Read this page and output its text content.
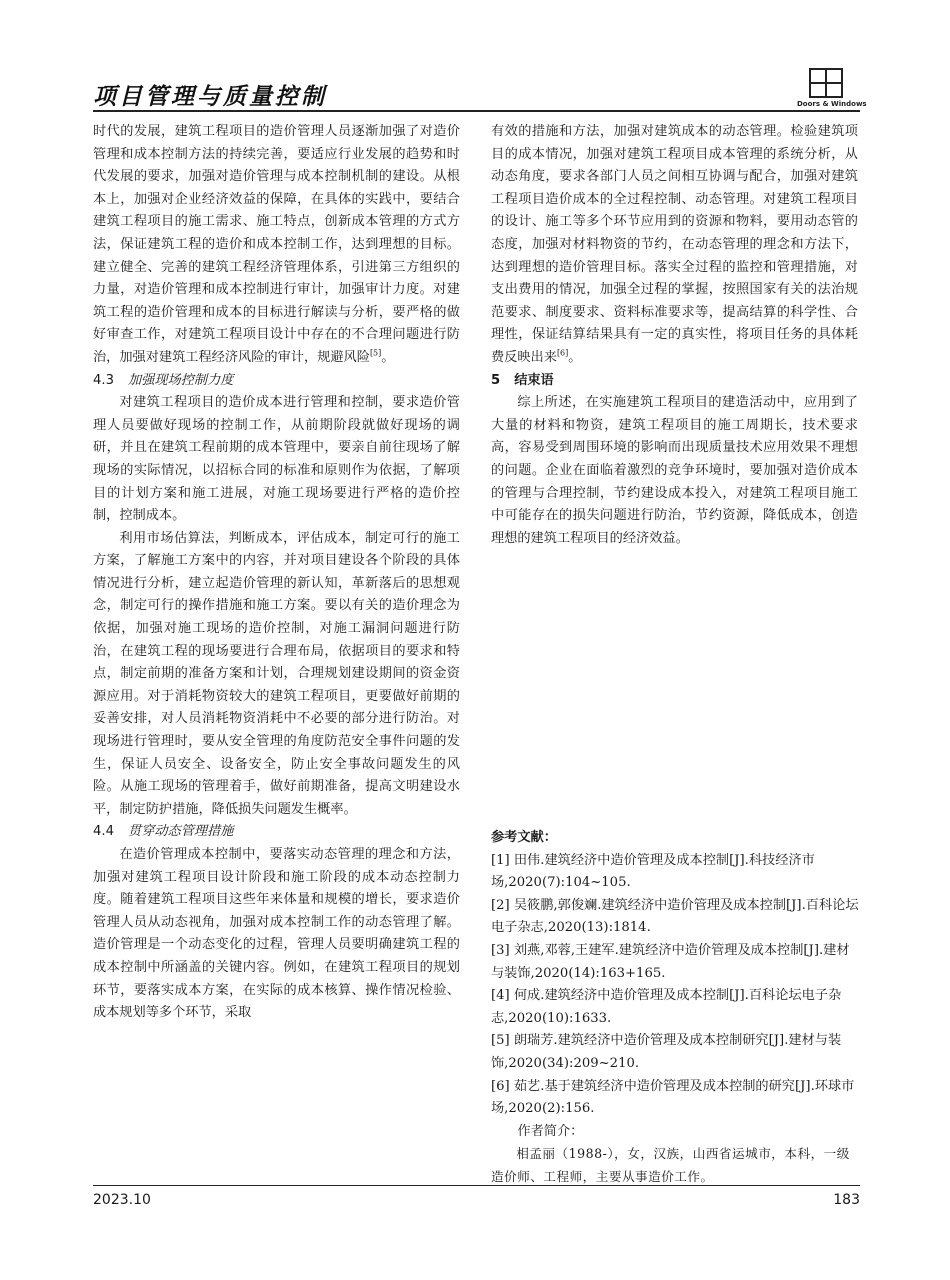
项目管理与质量控制	Doors & Windows

时代的发展，建筑工程项目的造价管理人员逐渐加强了对造价管理和成本控制方法的持续完善，要适应行业发展的趋势和时代发展的要求，加强对造价管理与成本控制机制的建设。从根本上，加强对企业经济效益的保障，在具体的实践中，要结合建筑工程项目的施工需求、施工特点，创新成本管理的方式方法，保证建筑工程的造价和成本控制工作，达到理想的目标。建立健全、完善的建筑工程经济管理体系，引进第三方组织的力量，对造价管理和成本控制进行审计，加强审计力度。对建筑工程的造价管理和成本的目标进行解读与分析，要严格的做好审查工作，对建筑工程项目设计中存在的不合理问题进行防治，加强对建筑工程经济风险的审计，规避风险[5]。

4.3 加强现场控制力度

对建筑工程项目的造价成本进行管理和控制，要求造价管理人员要做好现场的控制工作，从前期阶段就做好现场的调研，并且在建筑工程前期的成本管理中，要亲自前往现场了解现场的实际情况，以招标合同的标准和原则作为依据，了解项目的计划方案和施工进展，对施工现场要进行严格的造价控制，控制成本。

利用市场估算法，判断成本，评估成本，制定可行的施工方案，了解施工方案中的内容，并对项目建设各个阶段的具体情况进行分析，建立起造价管理的新认知，革新落后的思想观念，制定可行的操作措施和施工方案。要以有关的造价理念为依据，加强对施工现场的造价控制，对施工漏洞问题进行防治，在建筑工程的现场要进行合理布局，依据项目的要求和特点，制定前期的准备方案和计划，合理规划建设期间的资金资源应用。对于消耗物资较大的建筑工程项目，更要做好前期的妥善安排，对人员消耗物资消耗中不必要的部分进行防治。对现场进行管理时，要从安全管理的角度防范安全事件问题的发生，保证人员安全、设备安全，防止安全事故问题发生的风险。从施工现场的管理着手，做好前期准备，提高文明建设水平，制定防护措施，降低损失问题发生概率。

4.4 贯穿动态管理措施

在造价管理成本控制中，要落实动态管理的理念和方法，加强对建筑工程项目设计阶段和施工阶段的成本动态控制力度。随着建筑工程项目这些年来体量和规模的增长，要求造价管理人员从动态视角，加强对成本控制工作的动态管理了解。造价管理是一个动态变化的过程，管理人员要明确建筑工程的成本控制中所涵盖的关键内容。例如，在建筑工程项目的规划环节，要落实成本方案，在实际的成本核算、操作情况检验、成本规划等多个环节，采取

有效的措施和方法，加强对建筑成本的动态管理。检验建筑项目的成本情况，加强对建筑工程项目成本管理的系统分析，从动态角度，要求各部门人员之间相互协调与配合，加强对建筑工程项目造价成本的全过程控制、动态管理。对建筑工程项目的设计、施工等多个环节应用到的资源和物料，要用动态管的态度，加强对材料物资的节约，在动态管理的理念和方法下，达到理想的造价管理目标。落实全过程的监控和管理措施，对支出费用的情况，加强全过程的掌握，按照国家有关的法治规范要求、制度要求、资料标准要求等，提高结算的科学性、合理性，保证结算结果具有一定的真实性，将项目任务的具体耗费反映出来[6]。

5 结束语

综上所述，在实施建筑工程项目的建造活动中，应用到了大量的材料和物资，建筑工程项目的施工周期长，技术要求高，容易受到周围环境的影响而出现质量技术应用效果不理想的问题。企业在面临着激烈的竞争环境时，要加强对造价成本的管理与合理控制，节约建设成本投入，对建筑工程项目施工中可能存在的损失问题进行防治，节约资源，降低成本，创造理想的建筑工程项目的经济效益。

参考文献：

[1] 田伟.建筑经济中造价管理及成本控制[J].科技经济市场,2020(7):104~105.

[2] 吴筱鹏,郭俊斓.建筑经济中造价管理及成本控制[J].百科论坛电子杂志,2020(13):1814.

[3] 刘燕,邓蓉,王建军.建筑经济中造价管理及成本控制[J].建材与装饰,2020(14):163+165.

[4] 何成.建筑经济中造价管理及成本控制[J].百科论坛电子杂志,2020(10):1633.

[5] 朗瑞芳.建筑经济中造价管理及成本控制研究[J].建材与装饰,2020(34):209~210.

[6] 茹艺.基于建筑经济中造价管理及成本控制的研究[J].环球市场,2020(2):156.

作者简介：

相孟丽（1988-），女，汉族，山西省运城市，本科，一级造价师、工程师，主要从事造价工作。

2023.10	183
